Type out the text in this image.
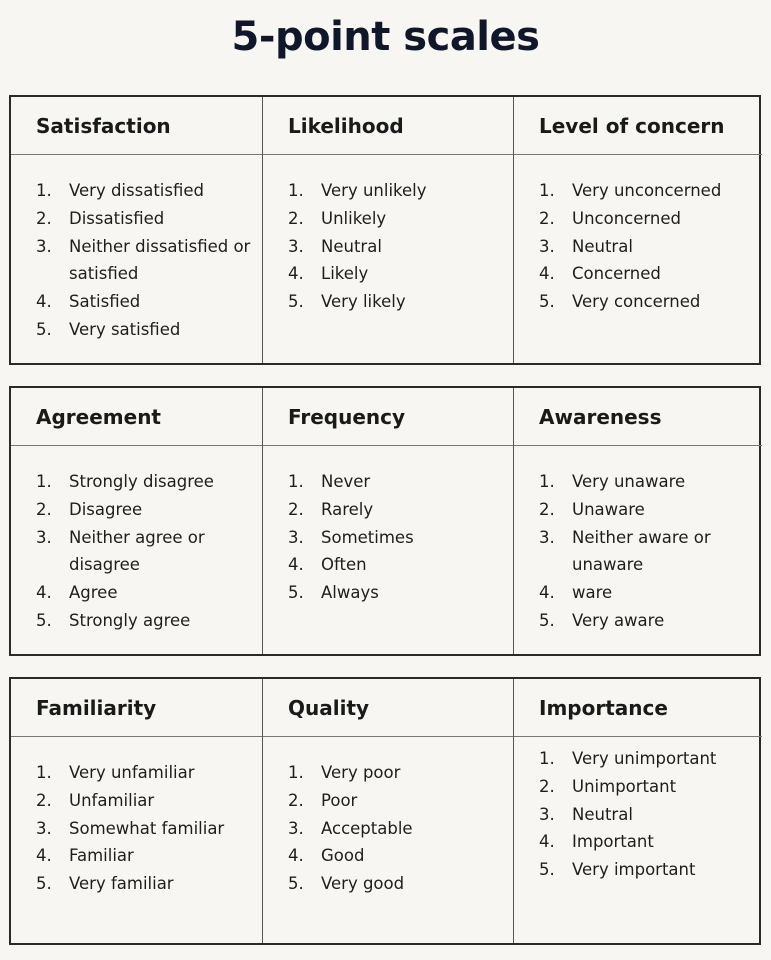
5-point scales
Satisfaction
1.	Very dissatisfied
2.	Dissatisfied
3.	Neither dissatisfied or satisfied
4.	Satisfied
5.	Very satisfied
Likelihood
1.	Very unlikely
2.	Unlikely
3.	Neutral
4.	Likely
5.	Very likely
Level of concern
1.	Very unconcerned
2.	Unconcerned
3.	Neutral
4.	Concerned
5.	Very concerned
Agreement
1.	Strongly disagree
2.	Disagree
3.	Neither agree or disagree
4.	Agree
5.	Strongly agree
Frequency
1.	Never
2.	Rarely
3.	Sometimes
4.	Often
5.	Always
Awareness
1.	Very unaware
2.	Unaware
3.	Neither aware or unaware
4.	ware
5.	Very aware
Familiarity
1.	Very unfamiliar
2.	Unfamiliar
3.	Somewhat familiar
4.	Familiar
5.	Very familiar
Quality
1.	Very poor
2.	Poor
3.	Acceptable
4.	Good
5.	Very good
Importance
1.	Very unimportant
2.	Unimportant
3.	Neutral
4.	Important
5.	Very important
